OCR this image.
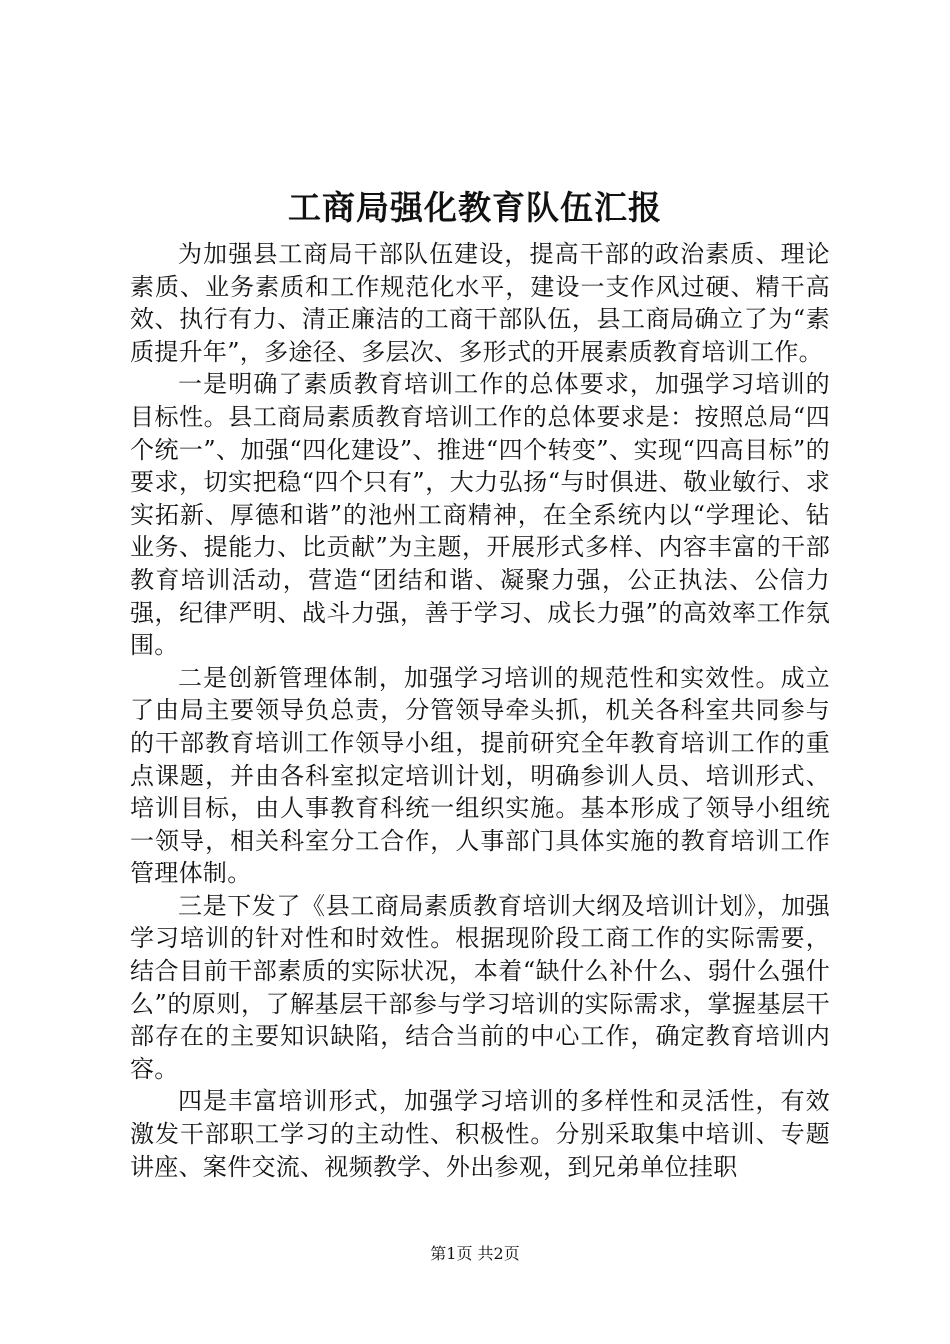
工商局强化教育队伍汇报

为加强县工商局干部队伍建设，提高干部的政治素质、理论素质、业务素质和工作规范化水平，建设一支作风过硬、精干高效、执行有力、清正廉洁的工商干部队伍，县工商局确立了为“素质提升年”，多途径、多层次、多形式的开展素质教育培训工作。

一是明确了素质教育培训工作的总体要求，加强学习培训的目标性。县工商局素质教育培训工作的总体要求是：按照总局“四个统一”、加强“四化建设”、推进“四个转变”、实现“四高目标”的要求，切实把稳“四个只有”，大力弘扬“与时俱进、敬业敏行、求实拓新、厚德和谐”的池州工商精神，在全系统内以“学理论、钻业务、提能力、比贡献”为主题，开展形式多样、内容丰富的干部教育培训活动，营造“团结和谐、凝聚力强，公正执法、公信力强，纪律严明、战斗力强，善于学习、成长力强”的高效率工作氛围。

二是创新管理体制，加强学习培训的规范性和实效性。成立了由局主要领导负总责，分管领导牵头抓，机关各科室共同参与的干部教育培训工作领导小组，提前研究全年教育培训工作的重点课题，并由各科室拟定培训计划，明确参训人员、培训形式、培训目标，由人事教育科统一组织实施。基本形成了领导小组统一领导，相关科室分工合作，人事部门具体实施的教育培训工作管理体制。

三是下发了《县工商局素质教育培训大纲及培训计划》，加强学习培训的针对性和时效性。根据现阶段工商工作的实际需要，结合目前干部素质的实际状况，本着“缺什么补什么、弱什么强什么”的原则，了解基层干部参与学习培训的实际需求，掌握基层干部存在的主要知识缺陷，结合当前的中心工作，确定教育培训内容。

四是丰富培训形式，加强学习培训的多样性和灵活性，有效激发干部职工学习的主动性、积极性。分别采取集中培训、专题讲座、案件交流、视频教学、外出参观，到兄弟单位挂职

第1页 共2页
